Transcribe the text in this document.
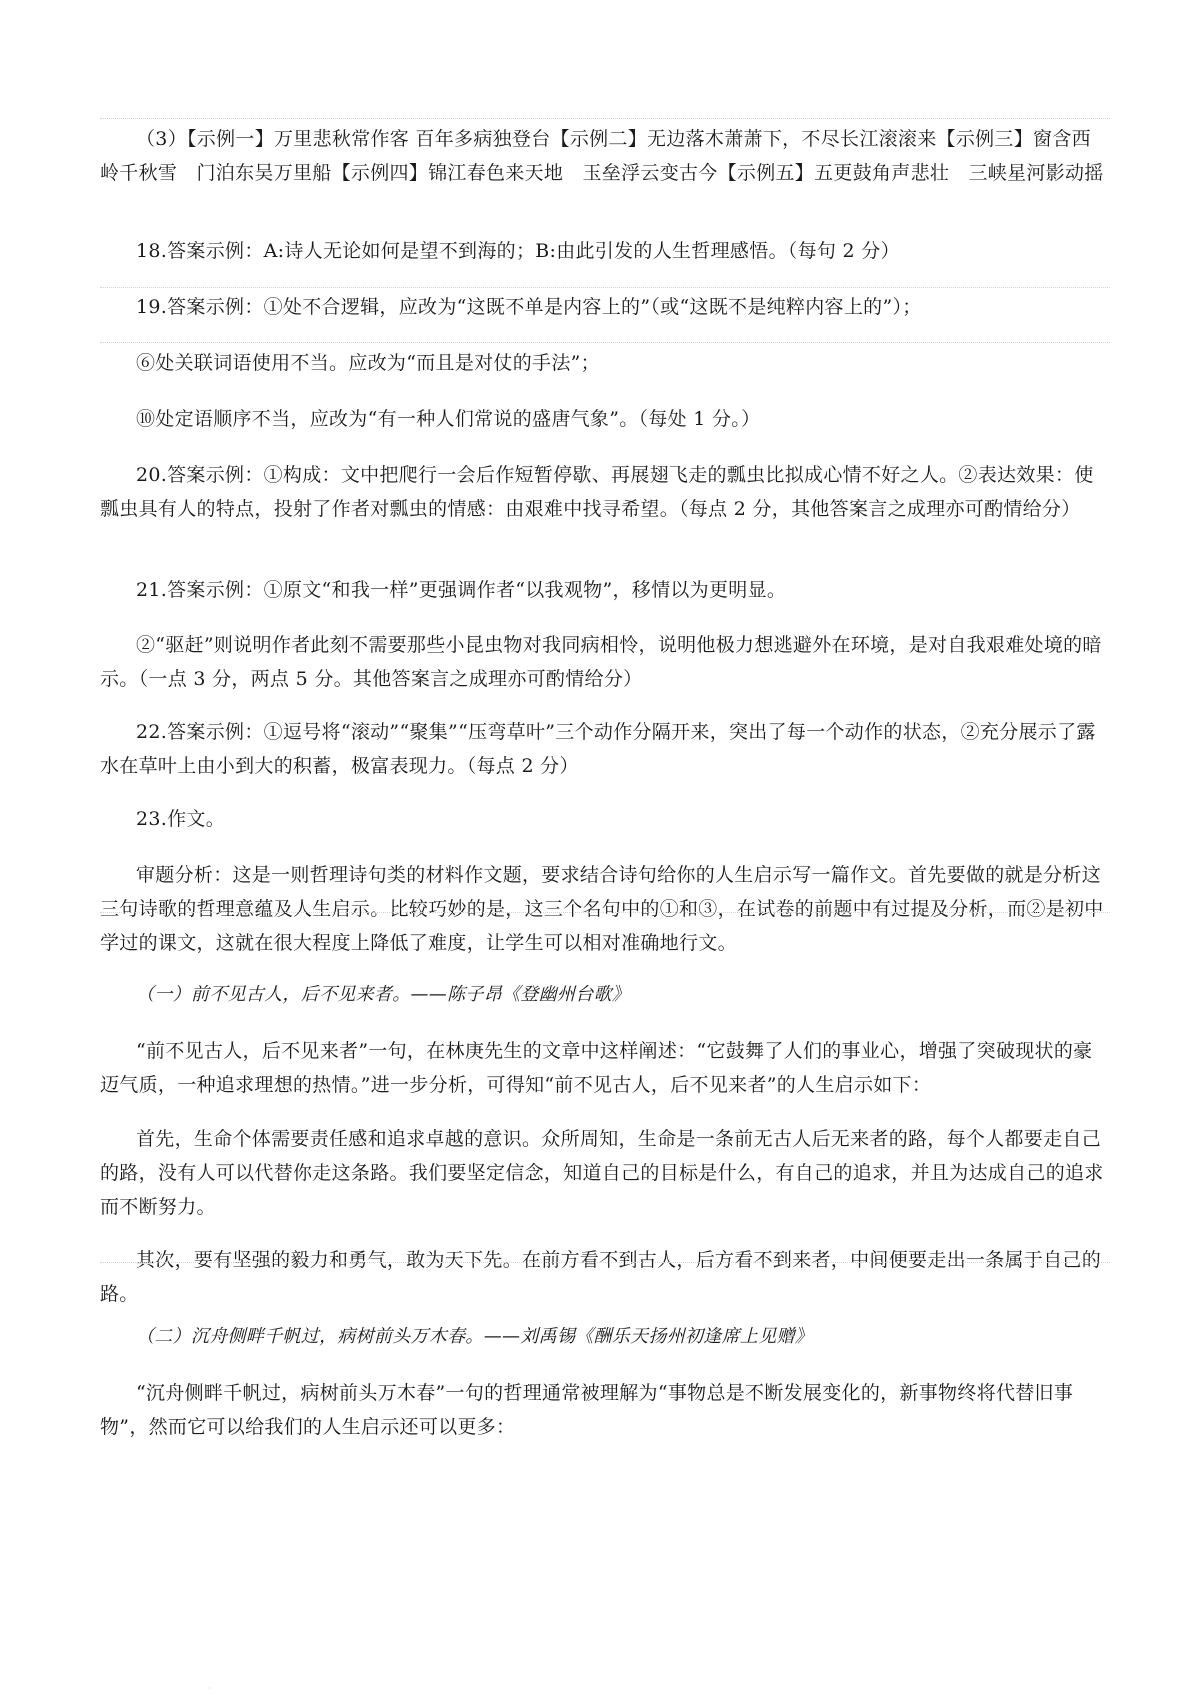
（3）【示例一】万里悲秋常作客 百年多病独登台【示例二】无边落木萧萧下，不尽长江滚滚来【示例三】窗含西岭千秋雪　门泊东吴万里船【示例四】锦江春色来天地　玉垒浮云变古今【示例五】五更鼓角声悲壮　三峡星河影动摇

18.答案示例：A:诗人无论如何是望不到海的；B:由此引发的人生哲理感悟。（每句 2 分）

19.答案示例：①处不合逻辑，应改为“这既不单是内容上的”（或“这既不是纯粹内容上的”）；

⑥处关联词语使用不当。应改为“而且是对仗的手法”；

⑩处定语顺序不当，应改为“有一种人们常说的盛唐气象”。（每处 1 分。）

20.答案示例：①构成：文中把爬行一会后作短暂停歇、再展翅飞走的瓢虫比拟成心情不好之人。②表达效果：使瓢虫具有人的特点，投射了作者对瓢虫的情感：由艰难中找寻希望。（每点 2 分，其他答案言之成理亦可酌情给分）

21.答案示例：①原文“和我一样”更强调作者“以我观物”，移情以为更明显。

②“驱赶”则说明作者此刻不需要那些小昆虫物对我同病相怜，说明他极力想逃避外在环境，是对自我艰难处境的暗示。（一点 3 分，两点 5 分。其他答案言之成理亦可酌情给分）

22.答案示例：①逗号将“滚动”“聚集”“压弯草叶”三个动作分隔开来，突出了每一个动作的状态，②充分展示了露水在草叶上由小到大的积蓄，极富表现力。（每点 2 分）

23.作文。

审题分析：这是一则哲理诗句类的材料作文题，要求结合诗句给你的人生启示写一篇作文。首先要做的就是分析这三句诗歌的哲理意蕴及人生启示。比较巧妙的是，这三个名句中的①和③，在试卷的前题中有过提及分析，而②是初中学过的课文，这就在很大程度上降低了难度，让学生可以相对准确地行文。

（一）前不见古人，后不见来者。——陈子昂《登幽州台歌》

“前不见古人，后不见来者”一句，在林庚先生的文章中这样阐述：“它鼓舞了人们的事业心，增强了突破现状的豪迈气质，一种追求理想的热情。”进一步分析，可得知“前不见古人，后不见来者”的人生启示如下：

首先，生命个体需要责任感和追求卓越的意识。众所周知，生命是一条前无古人后无来者的路，每个人都要走自己的路，没有人可以代替你走这条路。我们要坚定信念，知道自己的目标是什么，有自己的追求，并且为达成自己的追求而不断努力。

其次，要有坚强的毅力和勇气，敢为天下先。在前方看不到古人，后方看不到来者，中间便要走出一条属于自己的路。

（二）沉舟侧畔千帆过，病树前头万木春。——刘禹锡《酬乐天扬州初逢席上见赠》

“沉舟侧畔千帆过，病树前头万木春”一句的哲理通常被理解为“事物总是不断发展变化的，新事物终将代替旧事物”，然而它可以给我们的人生启示还可以更多：

·
